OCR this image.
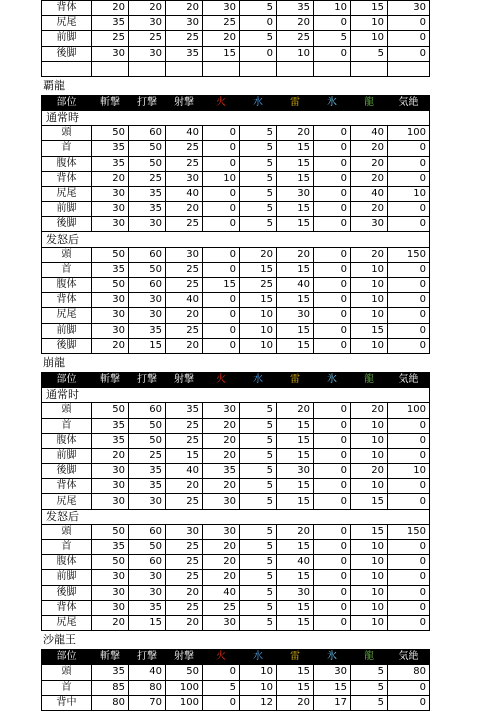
背体	20	20	20	30	5	35	10	15	30
尻尾	35	30	30	25	0	20	0	10	0
前脚	25	25	25	20	5	25	5	10	0
後脚	30	30	35	15	0	10	0	5	0

覇龍
部位	斬撃	打撃	射撃	火	水	雷	氷	龍	気絶
通常時									
頭	50	60	40	0	5	20	0	40	100
首	35	50	25	0	5	15	0	20	0
腹体	35	50	25	0	5	15	0	20	0
背体	20	25	30	10	5	15	0	20	0
尻尾	30	35	40	0	5	30	0	40	10
前脚	30	35	20	0	5	15	0	20	0
後脚	30	30	25	0	5	15	0	30	0
发怒后									
頭	50	60	30	0	20	20	0	20	150
首	35	50	25	0	15	15	0	10	0
腹体	50	60	25	15	25	40	0	10	0
背体	30	30	40	0	15	15	0	10	0
尻尾	30	30	20	0	10	30	0	10	0
前脚	30	35	25	0	10	15	0	15	0
後脚	20	15	20	0	10	15	0	10	0
崩龍
部位	斬撃	打撃	射撃	火	水	雷	氷	龍	気絶
通常时									
頭	50	60	35	30	5	20	0	20	100
首	35	50	25	20	5	15	0	10	0
腹体	35	50	25	20	5	15	0	10	0
前脚	20	25	15	20	5	15	0	10	0
後脚	30	35	40	35	5	30	0	20	10
背体	30	35	20	20	5	15	0	10	0
尻尾	30	30	25	30	5	15	0	15	0
发怒后									
頭	50	60	30	30	5	20	0	15	150
首	35	50	25	20	5	15	0	10	0
腹体	50	60	25	20	5	40	0	10	0
前脚	30	30	25	20	5	15	0	10	0
後脚	30	30	20	40	5	30	0	10	0
背体	30	35	25	25	5	15	0	10	0
尻尾	20	15	20	30	5	15	0	10	0
沙龍王
部位	斬撃	打撃	射撃	火	水	雷	氷	龍	気絶
頭	35	40	50	0	10	15	30	5	80
首	85	80	100	5	10	15	15	5	0
背中	80	70	100	0	12	20	17	5	0
